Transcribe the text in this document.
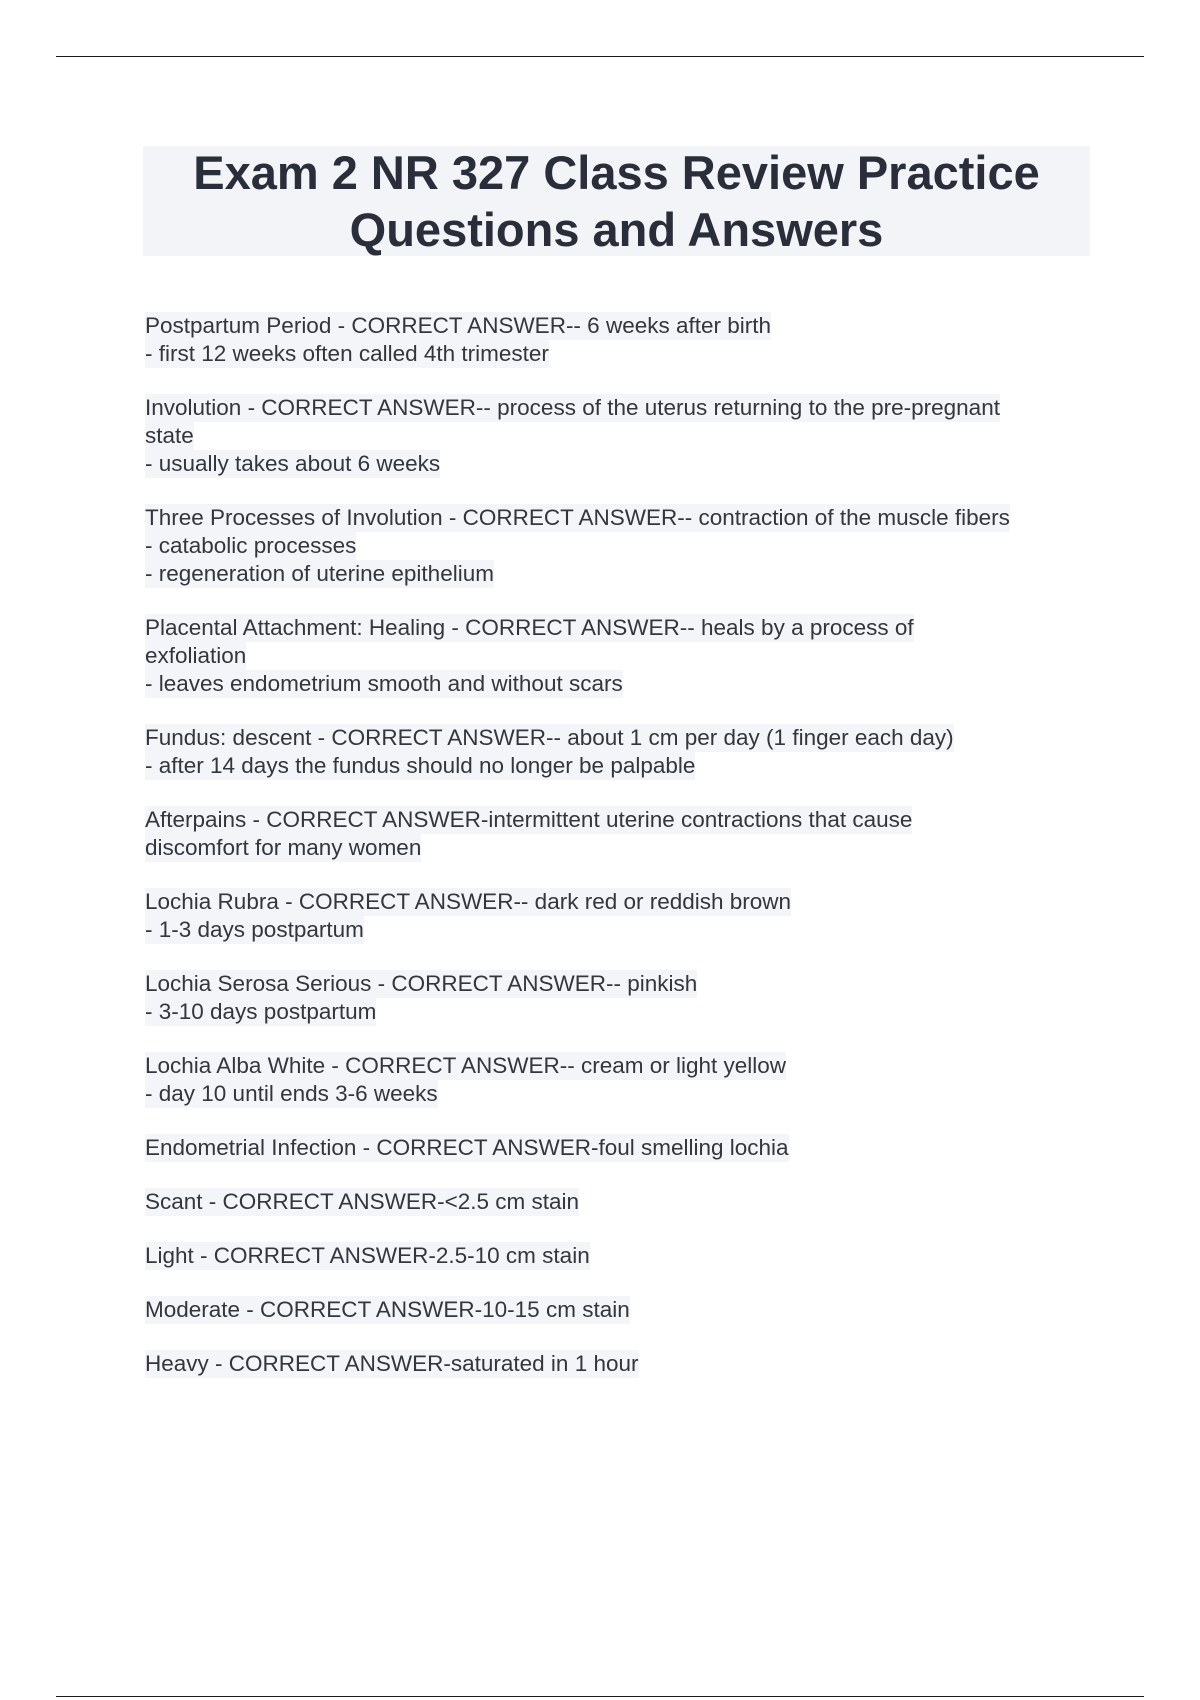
Exam 2 NR 327 Class Review Practice
Questions and Answers
Postpartum Period - CORRECT ANSWER-- 6 weeks after birth
- first 12 weeks often called 4th trimester
Involution - CORRECT ANSWER-- process of the uterus returning to the pre-pregnant
state
- usually takes about 6 weeks
Three Processes of Involution - CORRECT ANSWER-- contraction of the muscle fibers
- catabolic processes
- regeneration of uterine epithelium
Placental Attachment: Healing - CORRECT ANSWER-- heals by a process of
exfoliation
- leaves endometrium smooth and without scars
Fundus: descent - CORRECT ANSWER-- about 1 cm per day (1 finger each day)
- after 14 days the fundus should no longer be palpable
Afterpains - CORRECT ANSWER-intermittent uterine contractions that cause
discomfort for many women
Lochia Rubra - CORRECT ANSWER-- dark red or reddish brown
- 1-3 days postpartum
Lochia Serosa Serious - CORRECT ANSWER-- pinkish
- 3-10 days postpartum
Lochia Alba White - CORRECT ANSWER-- cream or light yellow
- day 10 until ends 3-6 weeks
Endometrial Infection - CORRECT ANSWER-foul smelling lochia
Scant - CORRECT ANSWER-<2.5 cm stain
Light - CORRECT ANSWER-2.5-10 cm stain
Moderate - CORRECT ANSWER-10-15 cm stain
Heavy - CORRECT ANSWER-saturated in 1 hour
